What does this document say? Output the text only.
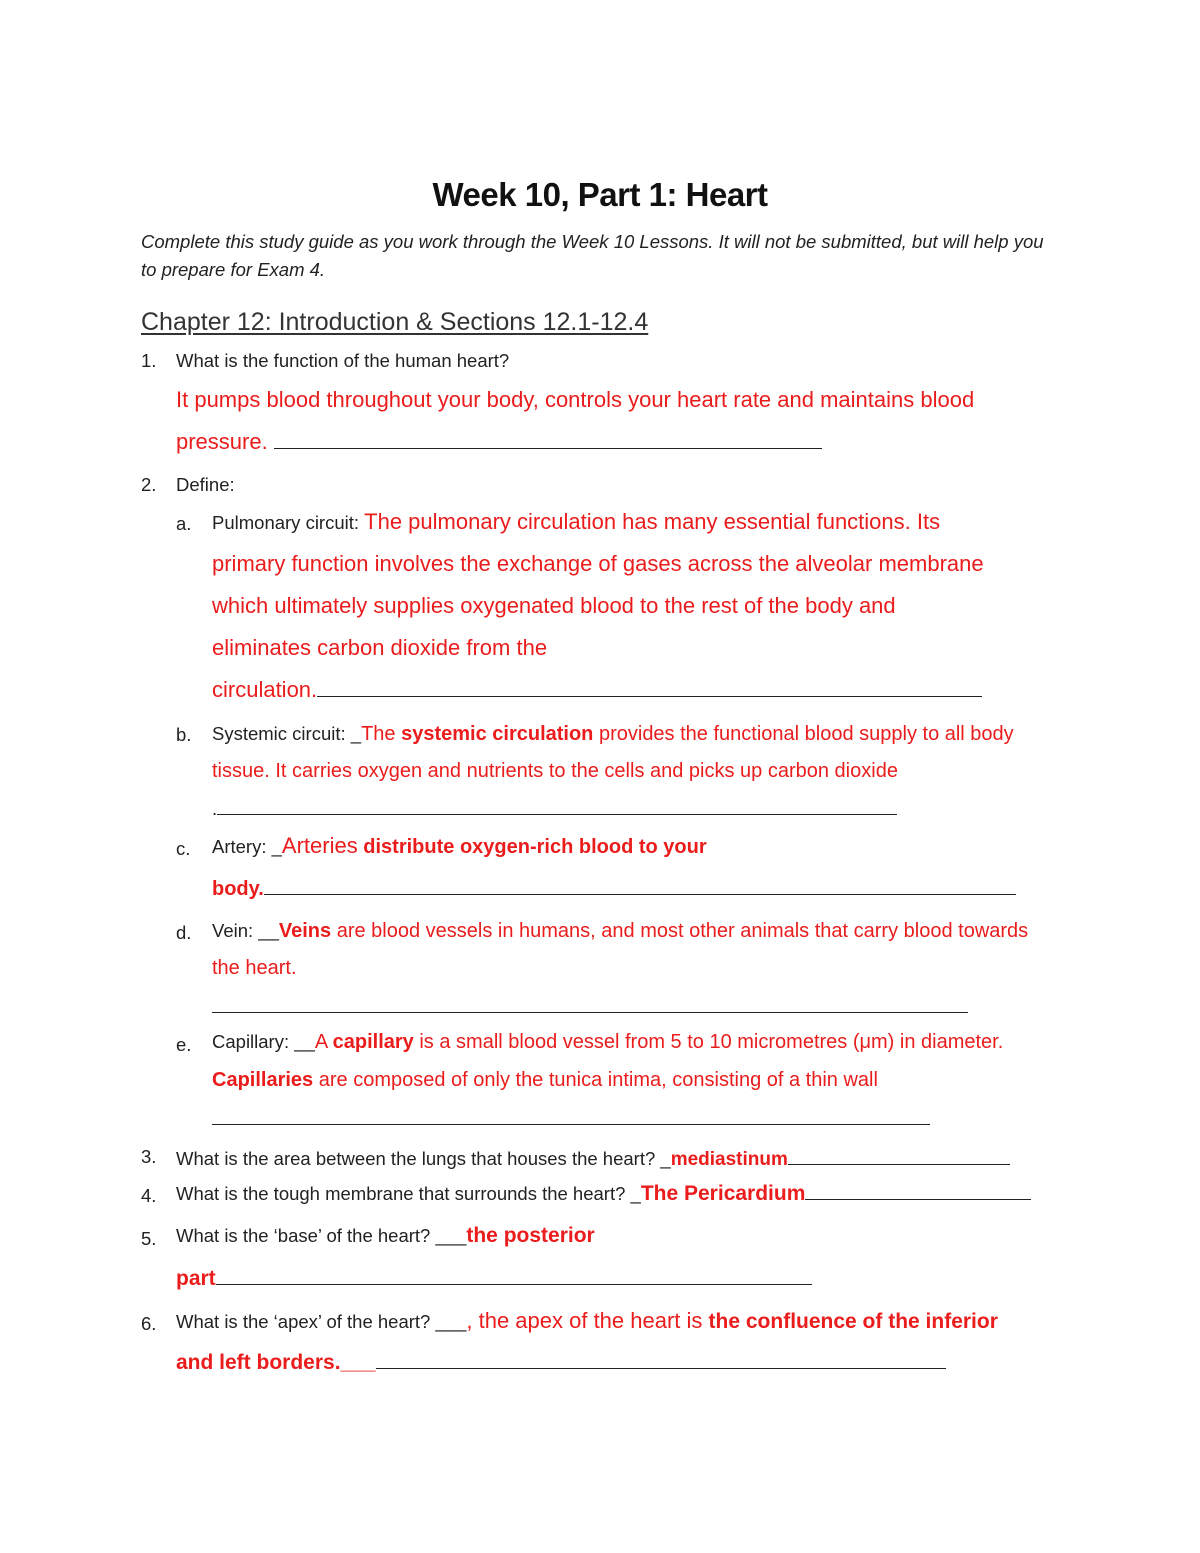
Week 10, Part 1: Heart
Complete this study guide as you work through the Week 10 Lessons. It will not be submitted, but will help you to prepare for Exam 4.
Chapter 12: Introduction & Sections 12.1-12.4
1. What is the function of the human heart?
It pumps blood throughout your body, controls your heart rate and maintains blood
pressure.
2. Define:
a. Pulmonary circuit: The pulmonary circulation has many essential functions. Its
primary function involves the exchange of gases across the alveolar membrane
which ultimately supplies oxygenated blood to the rest of the body and
eliminates carbon dioxide from the
circulation.
b. Systemic circuit: _The systemic circulation provides the functional blood supply to all body
tissue. It carries oxygen and nutrients to the cells and picks up carbon dioxide
.
c. Artery: _Arteries distribute oxygen-rich blood to your
body.
d. Vein: __Veins are blood vessels in humans, and most other animals that carry blood towards
the heart.
e. Capillary: __A capillary is a small blood vessel from 5 to 10 micrometres (μm) in diameter.
Capillaries are composed of only the tunica intima, consisting of a thin wall
3. What is the area between the lungs that houses the heart? _mediastinum
4. What is the tough membrane that surrounds the heart? _The Pericardium
5. What is the ‘base’ of the heart? ___the posterior
part
6. What is the ‘apex’ of the heart? ___, the apex of the heart is the confluence of the inferior
and left borders.___
